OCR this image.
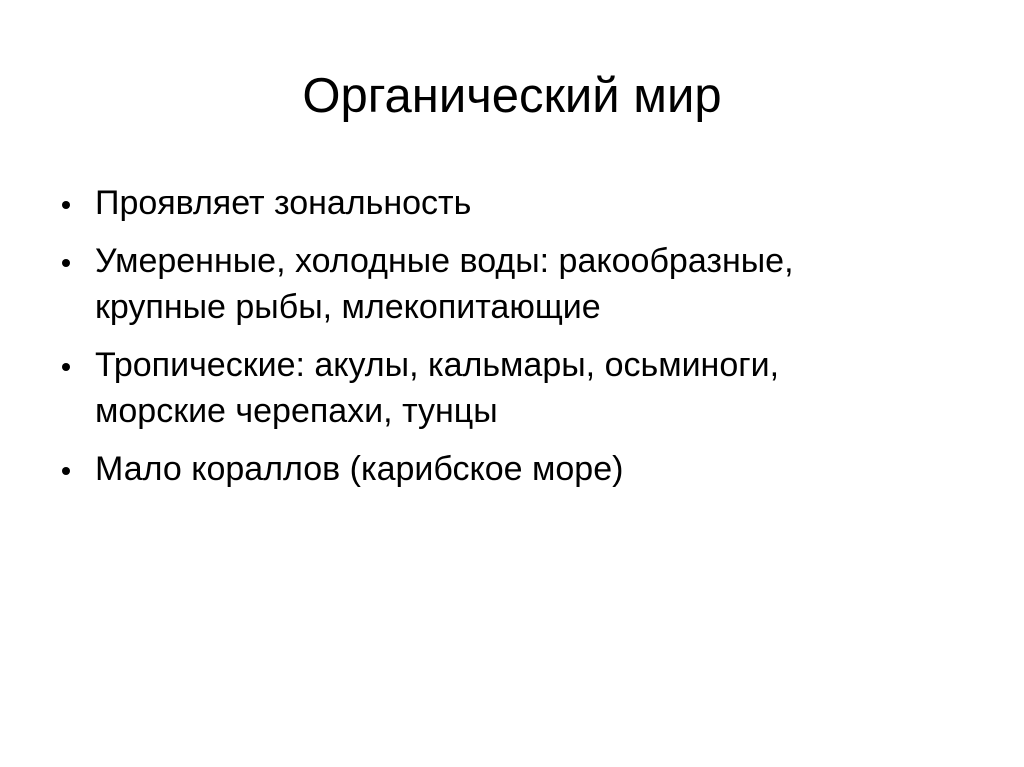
Органический мир
Проявляет зональность
Умеренные, холодные воды: ракообразные,
крупные рыбы, млекопитающие
Тропические: акулы, кальмары, осьминоги,
морские черепахи, тунцы
Мало кораллов (карибское море)
